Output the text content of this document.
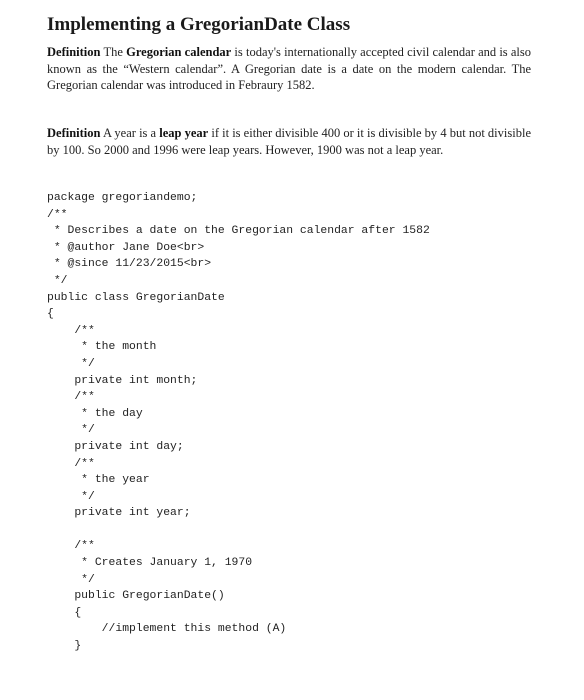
Implementing a GregorianDate Class

Definition The Gregorian calendar is today's internationally accepted civil calendar and is also known as the “Western calendar”. A Gregorian date is a date on the modern calendar. The Gregorian calendar was introduced in Febraury 1582.

Definition A year is a leap year if it is either divisible 400 or it is divisible by 4 but not divisible by 100. So 2000 and 1996 were leap years. However, 1900 was not a leap year.

package gregoriandemo;
/**
* Describes a date on the Gregorian calendar after 1582
* @author Jane Doe<br>
* @since 11/23/2015<br>
*/
public class GregorianDate
{
/**
* the month
*/
private int month;
/**
* the day
*/
private int day;
/**
* the year
*/
private int year;

/**
* Creates January 1, 1970
*/
public GregorianDate()
{
//implement this method (A)
}
